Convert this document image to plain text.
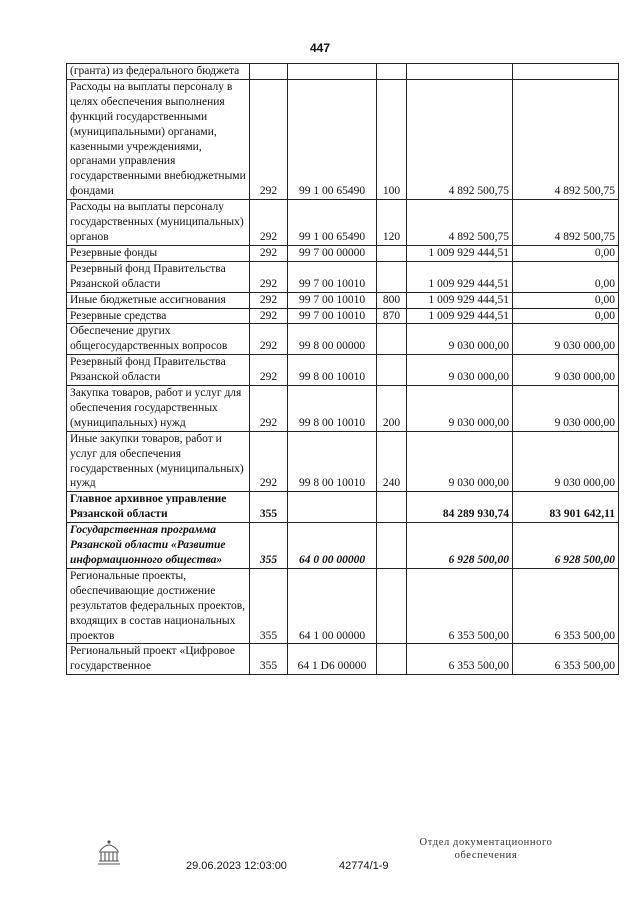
447
(гранта) из федерального бюджета					
Расходы на выплаты персоналу в целях обеспечения выполнения функций государственными (муниципальными) органами, казенными учреждениями, органами управления государственными внебюджетными фондами	292	99 1 00 65490	100	4 892 500,75	4 892 500,75
Расходы на выплаты персоналу государственных (муниципальных) органов	292	99 1 00 65490	120	4 892 500,75	4 892 500,75
Резервные фонды	292	99 7 00 00000		1 009 929 444,51	0,00
Резервный фонд Правительства Рязанской области	292	99 7 00 10010		1 009 929 444,51	0,00
Иные бюджетные ассигнования	292	99 7 00 10010	800	1 009 929 444,51	0,00
Резервные средства	292	99 7 00 10010	870	1 009 929 444,51	0,00
Обеспечение других общегосударственных вопросов	292	99 8 00 00000		9 030 000,00	9 030 000,00
Резервный фонд Правительства Рязанской области	292	99 8 00 10010		9 030 000,00	9 030 000,00
Закупка товаров, работ и услуг для обеспечения государственных (муниципальных) нужд	292	99 8 00 10010	200	9 030 000,00	9 030 000,00
Иные закупки товаров, работ и услуг для обеспечения государственных (муниципальных) нужд	292	99 8 00 10010	240	9 030 000,00	9 030 000,00
Главное архивное управление Рязанской области	355			84 289 930,74	83 901 642,11
Государственная программа Рязанской области «Развитие информационного общества»	355	64 0 00 00000		6 928 500,00	6 928 500,00
Региональные проекты, обеспечивающие достижение результатов федеральных проектов, входящих в состав национальных проектов	355	64 1 00 00000		6 353 500,00	6 353 500,00
Региональный проект «Цифровое государственное	355	64 1 D6 00000		6 353 500,00	6 353 500,00
29.06.2023 12:03:00	42774/1-9
Отдел документационного
обеспечения
